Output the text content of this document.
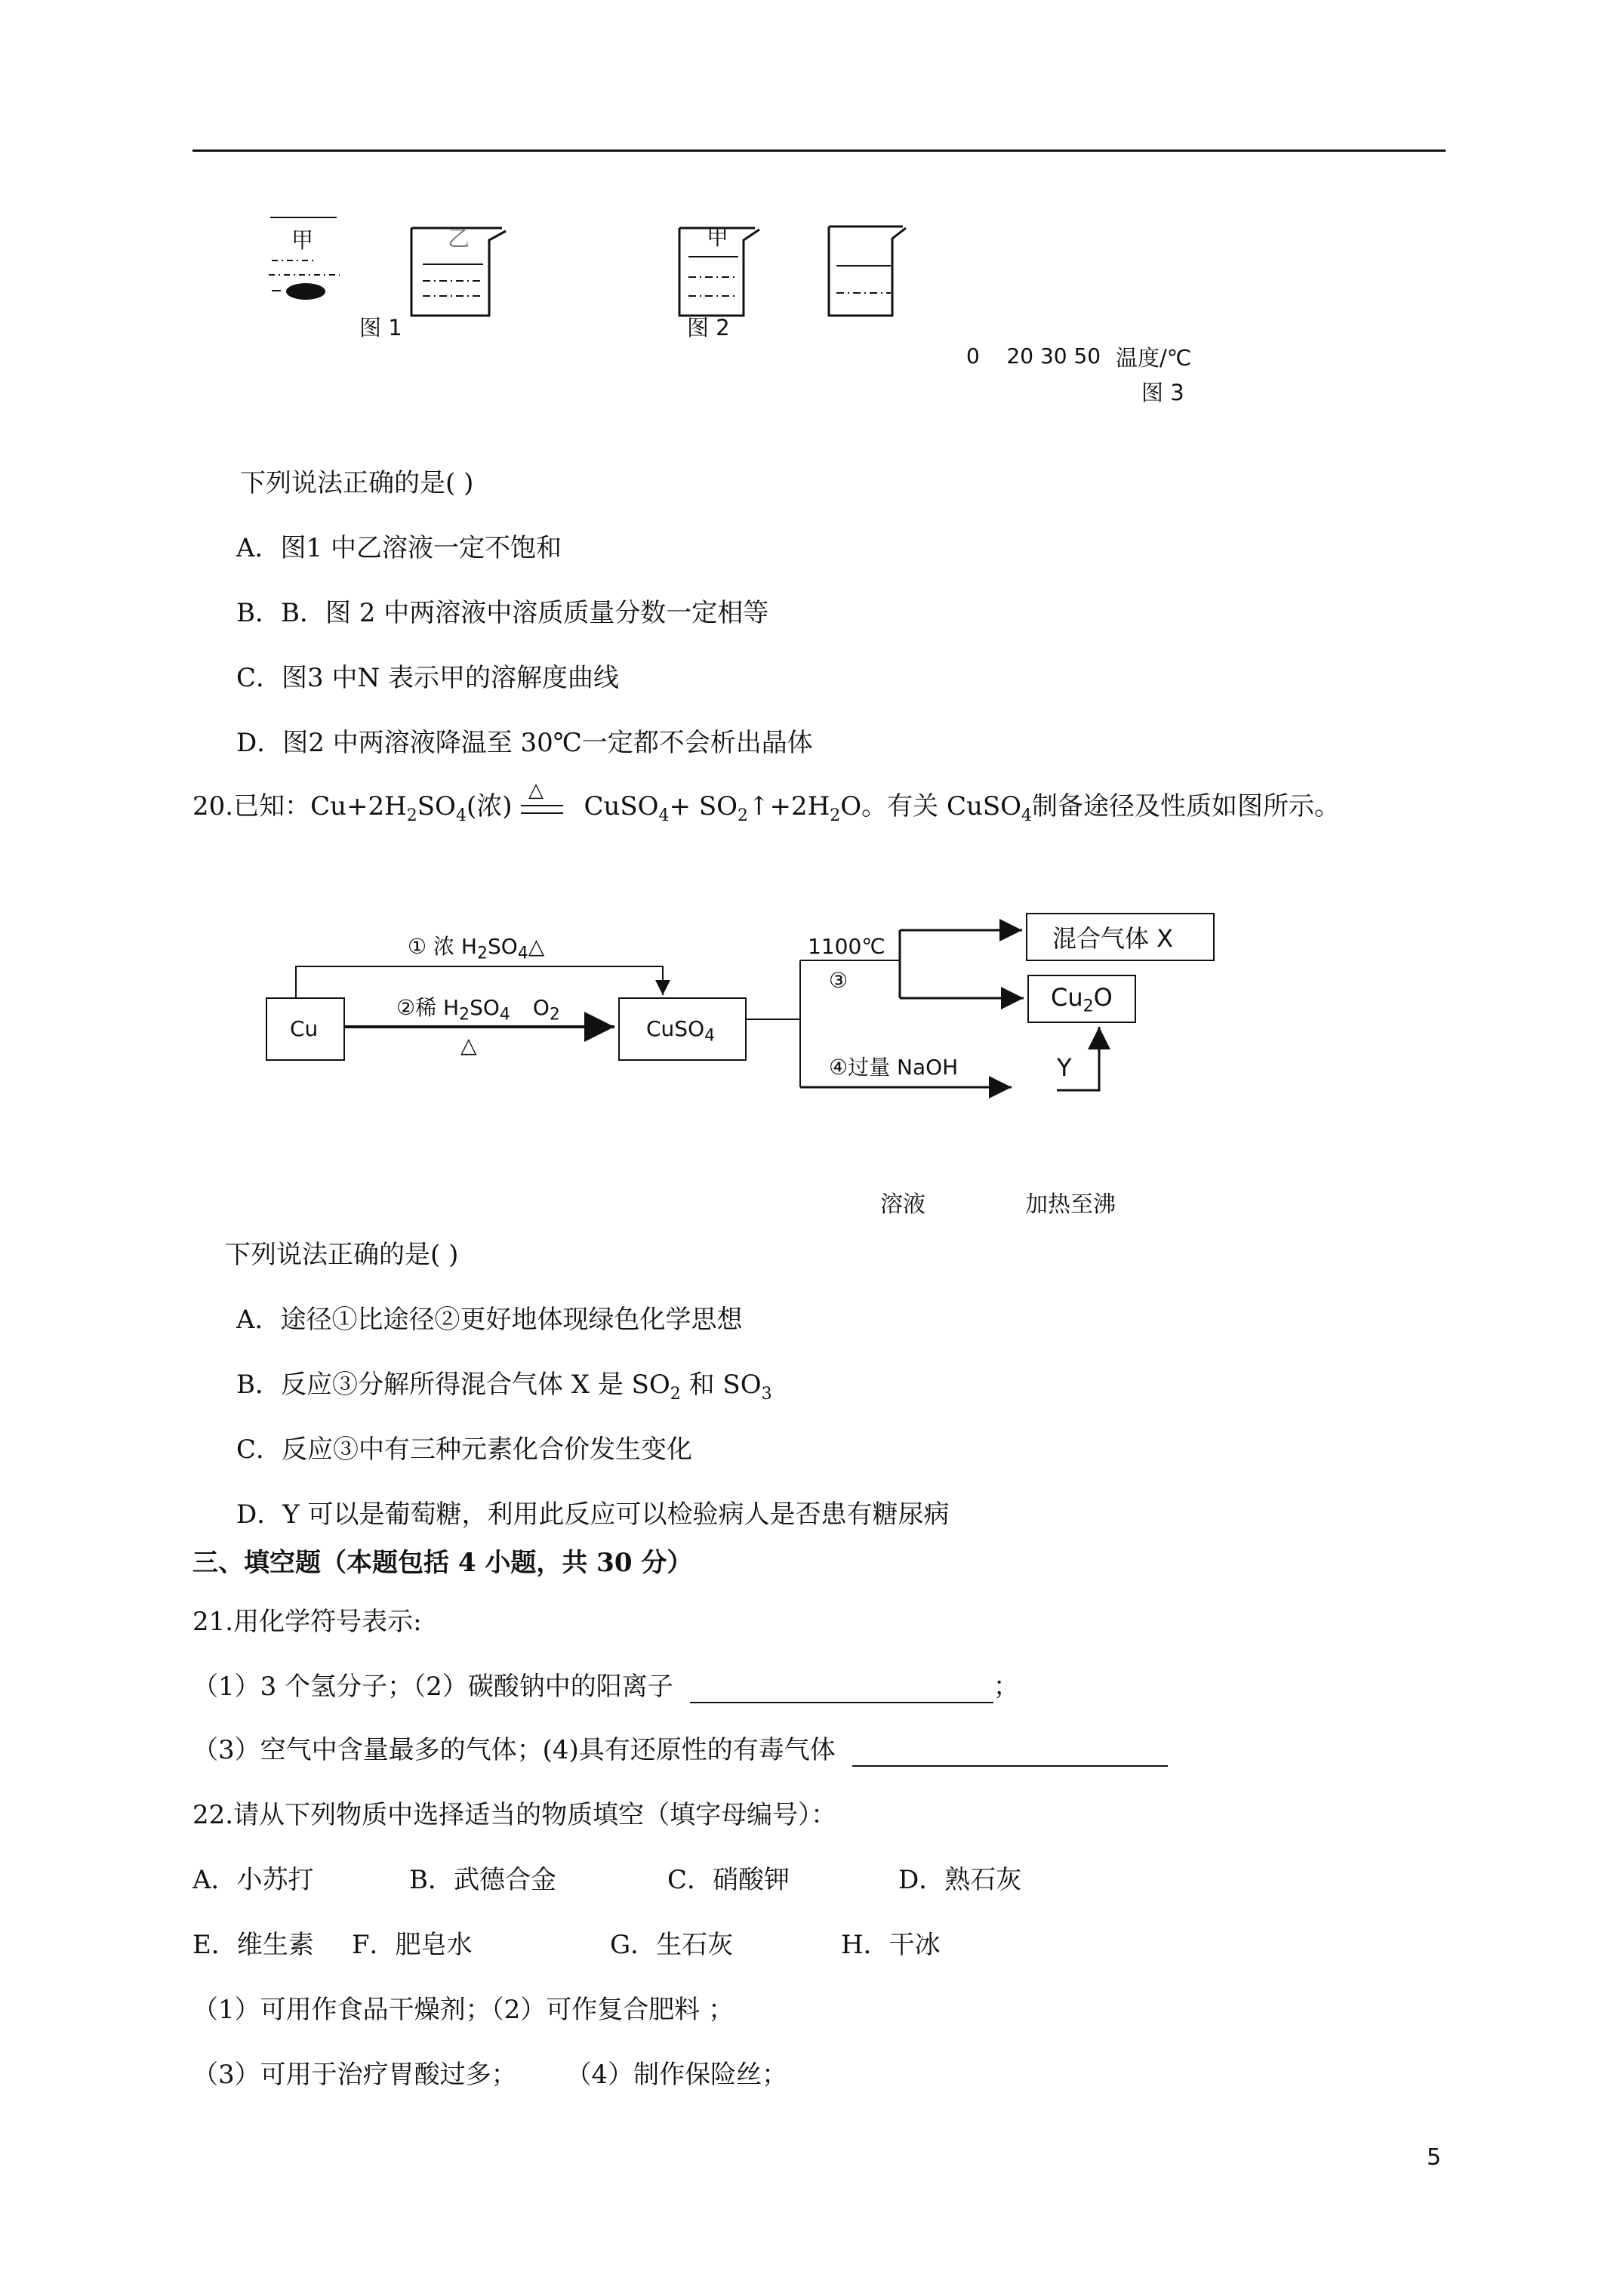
甲	乙	甲
图 1	图 2
0    20 30 50 温度/℃
图 3
下列说法正确的是( )
A．图1 中乙溶液一定不饱和
B．B．图 2 中两溶液中溶质质量分数一定相等
C．图3 中N 表示甲的溶解度曲线
D．图2 中两溶液降温至 30℃一定都不会析出晶体
20.已知：$Cu+2H_2SO_4$(浓)	CuSO$_4$+ $SO_2↑+2H_2O$。有关 CuSO$_4$制备途径及性质如图所示。
△
Cu	CuSO$_4$
① 浓 $H_2SO_4\triangle$
②稀 $H_2SO_4$ $O_2$
△
1100℃
③
混合气体 X
$Cu_2O$
④过量 NaOH	Y
溶液	加热至沸
下列说法正确的是( )
A．途径①比途径②更好地体现绿色化学思想
B．反应③分解所得混合气体 X 是 $SO_2$ 和 $SO_3$
C．反应③中有三种元素化合价发生变化
D．Y 可以是葡萄糖，利用此反应可以检验病人是否患有糖尿病
三、填空题（本题包括 4 小题，共 30 分）
21.用化学符号表示:
（1）3 个氢分子；（2）碳酸钠中的阳离子	；
（3）空气中含量最多的气体；(4)具有还原性的有毒气体
22.请从下列物质中选择适当的物质填空（填字母编号）：
A．小苏打	B．武德合金	C．硝酸钾	D．熟石灰
E．维生素 F．肥皂水	G．生石灰	H．干冰
（1）可用作食品干燥剂；（2）可作复合肥料 ；
（3）可用于治疗胃酸过多；      （4）制作保险丝；
5
